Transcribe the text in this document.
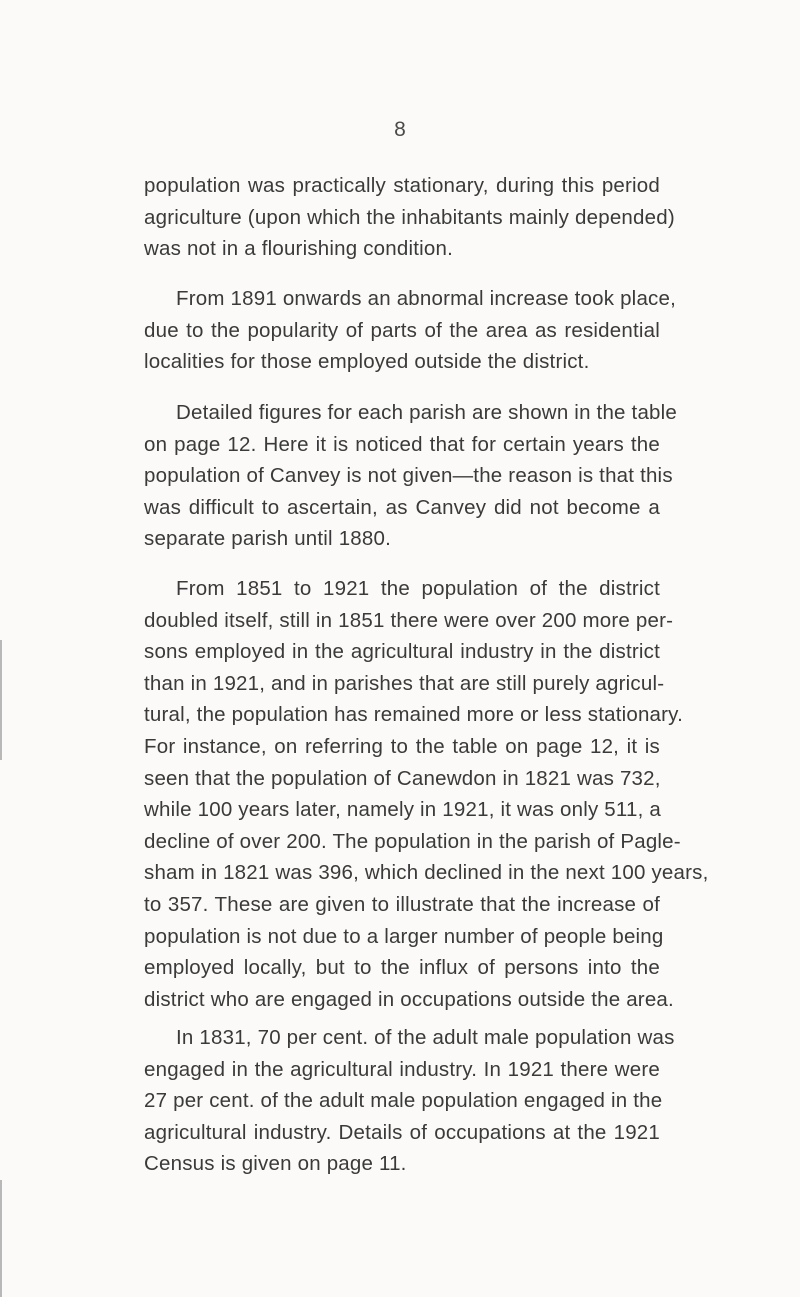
8
population was practically stationary, during this period
agriculture (upon which the inhabitants mainly depended)
was not in a flourishing condition.
From 1891 onwards an abnormal increase took place,
due to the popularity of parts of the area as residential
localities for those employed outside the district.
Detailed figures for each parish are shown in the table
on page 12. Here it is noticed that for certain years the
population of Canvey is not given—the reason is that this
was difficult to ascertain, as Canvey did not become a
separate parish until 1880.
From 1851 to 1921 the population of the district
doubled itself, still in 1851 there were over 200 more per-
sons employed in the agricultural industry in the district
than in 1921, and in parishes that are still purely agricul-
tural, the population has remained more or less stationary.
For instance, on referring to the table on page 12, it is
seen that the population of Canewdon in 1821 was 732,
while 100 years later, namely in 1921, it was only 511, a
decline of over 200. The population in the parish of Pagle-
sham in 1821 was 396, which declined in the next 100 years,
to 357. These are given to illustrate that the increase of
population is not due to a larger number of people being
employed locally, but to the influx of persons into the
district who are engaged in occupations outside the area.
In 1831, 70 per cent. of the adult male population was
engaged in the agricultural industry. In 1921 there were
27 per cent. of the adult male population engaged in the
agricultural industry. Details of occupations at the 1921
Census is given on page 11.
